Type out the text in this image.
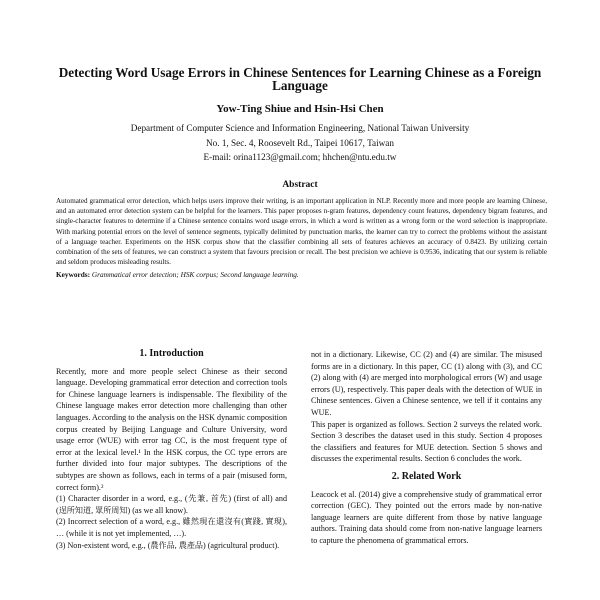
Detecting Word Usage Errors in Chinese Sentences for Learning Chinese as a Foreign Language
Yow-Ting Shiue and Hsin-Hsi Chen
Department of Computer Science and Information Engineering, National Taiwan University
No. 1, Sec. 4, Roosevelt Rd., Taipei 10617, Taiwan
E-mail: orina1123@gmail.com; hhchen@ntu.edu.tw
Abstract
Automated grammatical error detection, which helps users improve their writing, is an important application in NLP. Recently more and more people are learning Chinese, and an automated error detection system can be helpful for the learners. This paper proposes n-gram features, dependency count features, dependency bigram features, and single-character features to determine if a Chinese sentence contains word usage errors, in which a word is written as a wrong form or the word selection is inappropriate. With marking potential errors on the level of sentence segments, typically delimited by punctuation marks, the learner can try to correct the problems without the assistant of a language teacher. Experiments on the HSK corpus show that the classifier combining all sets of features achieves an accuracy of 0.8423. By utilizing certain combination of the sets of features, we can construct a system that favours precision or recall. The best precision we achieve is 0.9536, indicating that our system is reliable and seldom produces misleading results.
Keywords: Grammatical error detection; HSK corpus; Second language learning.
1. Introduction

Recently, more and more people select Chinese as their second language. Developing grammatical error detection and correction tools for Chinese language learners is indispensable. The flexibility of the Chinese language makes error detection more challenging than other languages. According to the analysis on the HSK dynamic composition corpus created by Beijing Language and Culture University, word usage error (WUE) with error tag CC, is the most frequent type of error at the lexical level.¹ In the HSK corpus, the CC type errors are further divided into four major subtypes. The descriptions of the subtypes are shown as follows, each in terms of a pair (misused form, correct form).²

(1) Character disorder in a word, e.g., (先兼, 首先) (first of all) and (逞所知道, 眾所周知) (as we all know).

(2) Incorrect selection of a word, e.g., 雖然現在還沒有(實踐, 實現), … (while it is not yet implemented, …).

(3) Non-existent word, e.g., (農作品, 農產品) (agricultural product).

not in a dictionary. Likewise, CC (2) and (4) are similar. The misused forms are in a dictionary. In this paper, CC (1) along with (3), and CC (2) along with (4) are merged into morphological errors (W) and usage errors (U), respectively. This paper deals with the detection of WUE in Chinese sentences. Given a Chinese sentence, we tell if it contains any WUE.

This paper is organized as follows. Section 2 surveys the related work. Section 3 describes the dataset used in this study. Section 4 proposes the classifiers and features for MUE detection. Section 5 shows and discusses the experimental results. Section 6 concludes the work.

2. Related Work

Leacock et al. (2014) give a comprehensive study of grammatical error correction (GEC). They pointed out the errors made by non-native language learners are quite different from those by native language authors. Training data should come from non-native language learners to capture the phenomena of grammatical errors.
